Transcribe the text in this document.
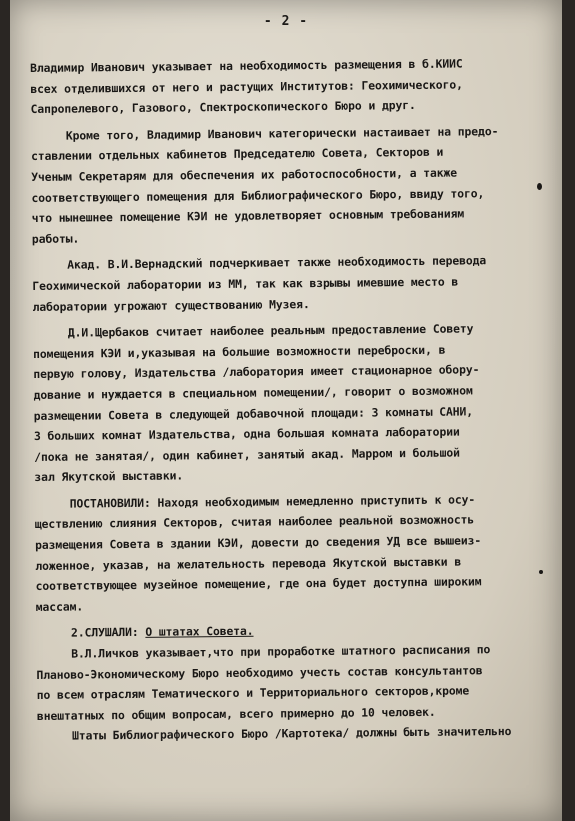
- 2 -
Владимир Иванович указывает на необходимость размещения в б.КИИС
всех отделившихся от него и растущих Институтов: Геохимического,
Сапропелевого, Газового, Спектроскопического Бюро и друг.
Кроме того, Владимир Иванович категорически настаивает на предо-
ставлении отдельных кабинетов Председателю Совета, Секторов и
Ученым Секретарям для обеспечения их работоспособности, а также
соответствующего помещения для Библиографического Бюро, ввиду того,
что нынешнее помещение КЭИ не удовлетворяет основным требованиям
работы.
Акад. В.И.Вернадский подчеркивает также необходимость перевода
Геохимической лаборатории из ММ, так как взрывы имевшие место в
лаборатории угрожают существованию Музея.
Д.И.Щербаков считает наиболее реальным предоставление Совету
помещения КЭИ и,указывая на большие возможности переброски, в
первую голову, Издательства /лаборатория имеет стационарное обору-
дование и нуждается в специальном помещении/, говорит о возможном
размещении Совета в следующей добавочной площади: 3 комнаты САНИ,
3 больших комнат Издательства, одна большая комната лаборатории
/пока не занятая/, один кабинет, занятый акад. Марром и большой
зал Якутской выставки.
ПОСТАНОВИЛИ: Находя необходимым немедленно приступить к осу-
ществлению слияния Секторов, считая наиболее реальной возможность
размещения Совета в здании КЭИ, довести до сведения УД все вышеиз-
ложенное, указав, на желательность перевода Якутской выставки в
соответствующее музейное помещение, где она будет доступна широким
массам.
2.СЛУШАЛИ: О штатах Совета.
В.Л.Личков указывает,что при проработке штатного расписания по
Планово-Экономическому Бюро необходимо учесть состав консультантов
по всем отраслям Тематического и Территориального секторов,кроме
внештатных по общим вопросам, всего примерно до 10 человек.
Штаты Библиографического Бюро /Картотека/ должны быть значительно
